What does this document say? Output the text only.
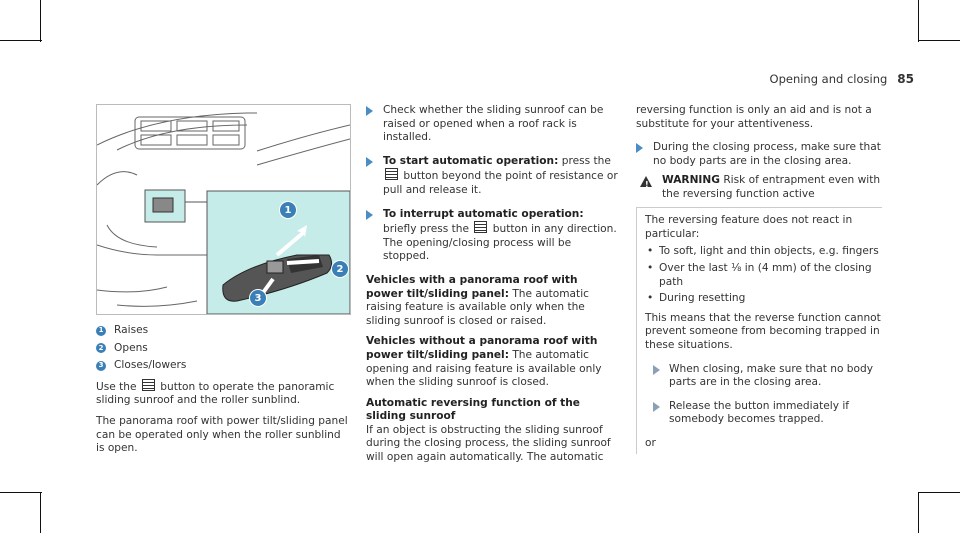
Opening and closing 85
1
2
3
1 Raises
2 Opens
3 Closes/lowers

Use the button to operate the panoramic sliding sunroof and the roller sunblind.

The panorama roof with power tilt/sliding panel can be operated only when the roller sunblind is open.

Check whether the sliding sunroof can be raised or opened when a roof rack is installed.
To start automatic operation: press the  button beyond the point of resistance or pull and release it.
To interrupt automatic operation: briefly press the button in any direction. The opening/closing process will be stopped.

Vehicles with a panorama roof with power tilt/sliding panel: The automatic raising feature is available only when the sliding sunroof is closed or raised.

Vehicles without a panorama roof with power tilt/sliding panel: The automatic opening and raising feature is available only when the sliding sunroof is closed.

Automatic reversing function of the sliding sunroof

If an object is obstructing the sliding sunroof during the closing process, the sliding sunroof will open again automatically. The automatic

reversing function is only an aid and is not a substitute for your attentiveness.

During the closing process, make sure that no body parts are in the closing area.
! WARNING Risk of entrapment even with the reversing function active

The reversing feature does not react in particular:

• To soft, light and thin objects, e.g. fingers
• Over the last ⅛ in (4 mm) of the closing path
• During resetting

This means that the reverse function cannot prevent someone from becoming trapped in these situations.

When closing, make sure that no body parts are in the closing area.
Release the button immediately if somebody becomes trapped.

or
